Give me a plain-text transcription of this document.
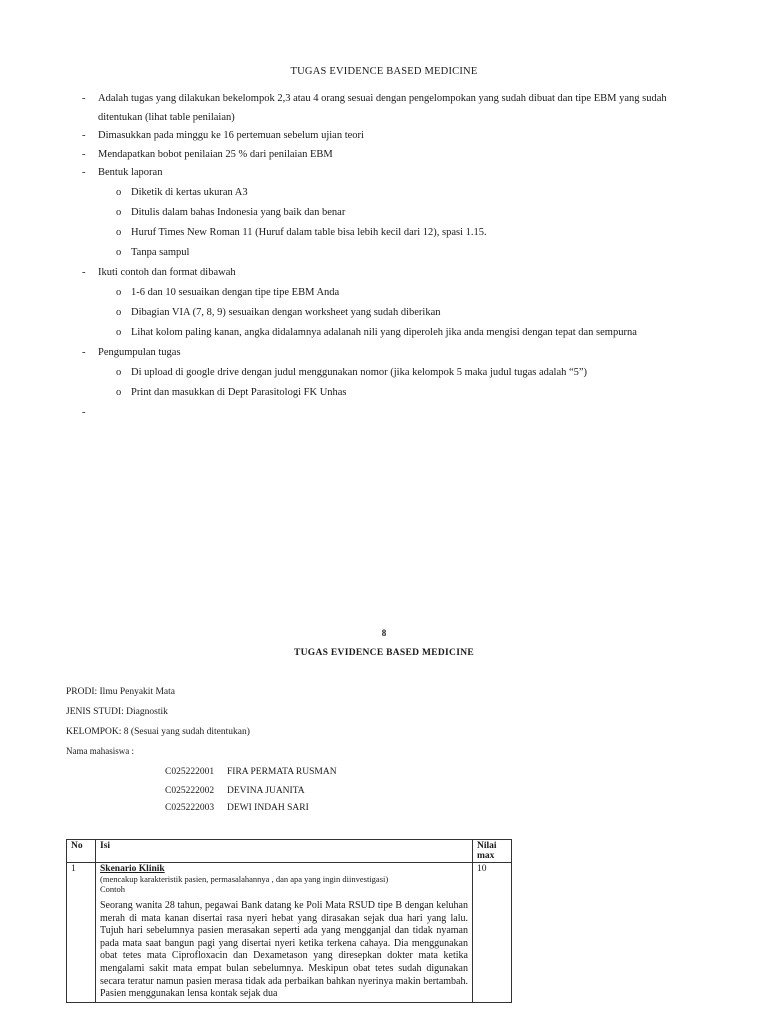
TUGAS EVIDENCE BASED MEDICINE
- Adalah tugas yang dilakukan bekelompok 2,3 atau 4 orang sesuai dengan pengelompokan yang sudah dibuat dan tipe EBM yang sudah
ditentukan (lihat table penilaian)
- Dimasukkan pada minggu ke 16 pertemuan sebelum ujian teori
- Mendapatkan bobot penilaian 25 % dari penilaian EBM
- Bentuk laporan
o Diketik di kertas ukuran A3
o Ditulis dalam bahas Indonesia yang baik dan benar
o Huruf Times New Roman 11 (Huruf dalam table bisa lebih kecil dari 12), spasi 1.15.
o Tanpa sampul
- Ikuti contoh dan format dibawah
o 1-6 dan 10 sesuaikan dengan tipe tipe EBM Anda
o Dibagian VIA (7, 8, 9) sesuaikan dengan worksheet yang sudah diberikan
o Lihat kolom paling kanan, angka didalamnya adalanah nili yang diperoleh jika anda mengisi dengan tepat dan sempurna
- Pengumpulan tugas
o Di upload di google drive dengan judul menggunakan nomor (jika kelompok 5 maka judul tugas adalah “5”)
o Print dan masukkan di Dept Parasitologi FK Unhas
-
8
TUGAS EVIDENCE BASED MEDICINE
PRODI: Ilmu Penyakit Mata
JENIS STUDI: Diagnostik
KELOMPOK: 8 (Sesuai yang sudah ditentukan)
Nama mahasiswa :
C025222001 FIRA PERMATA RUSMAN
C025222002 DEVINA JUANITA
C025222003 DEWI INDAH SARI
No	Isi	Nilai
max
1	Skenario Klinik
(mencakup karakteristik pasien, permasalahannya , dan apa yang ingin diinvestigasi)
Contoh
Seorang wanita 28 tahun, pegawai Bank datang ke Poli Mata RSUD tipe B dengan keluhan merah di mata kanan disertai rasa nyeri hebat yang dirasakan sejak dua hari yang lalu. Tujuh hari sebelumnya pasien merasakan seperti ada yang mengganjal dan tidak nyaman pada mata saat bangun pagi yang disertai nyeri ketika terkena cahaya. Dia menggunakan obat tetes mata Ciprofloxacin dan Dexametason yang diresepkan dokter mata ketika mengalami sakit mata empat bulan sebelumnya. Meskipun obat tetes sudah digunakan secara teratur namun pasien merasa tidak ada perbaikan bahkan nyerinya makin bertambah. Pasien menggunakan lensa kontak sejak dua	10
